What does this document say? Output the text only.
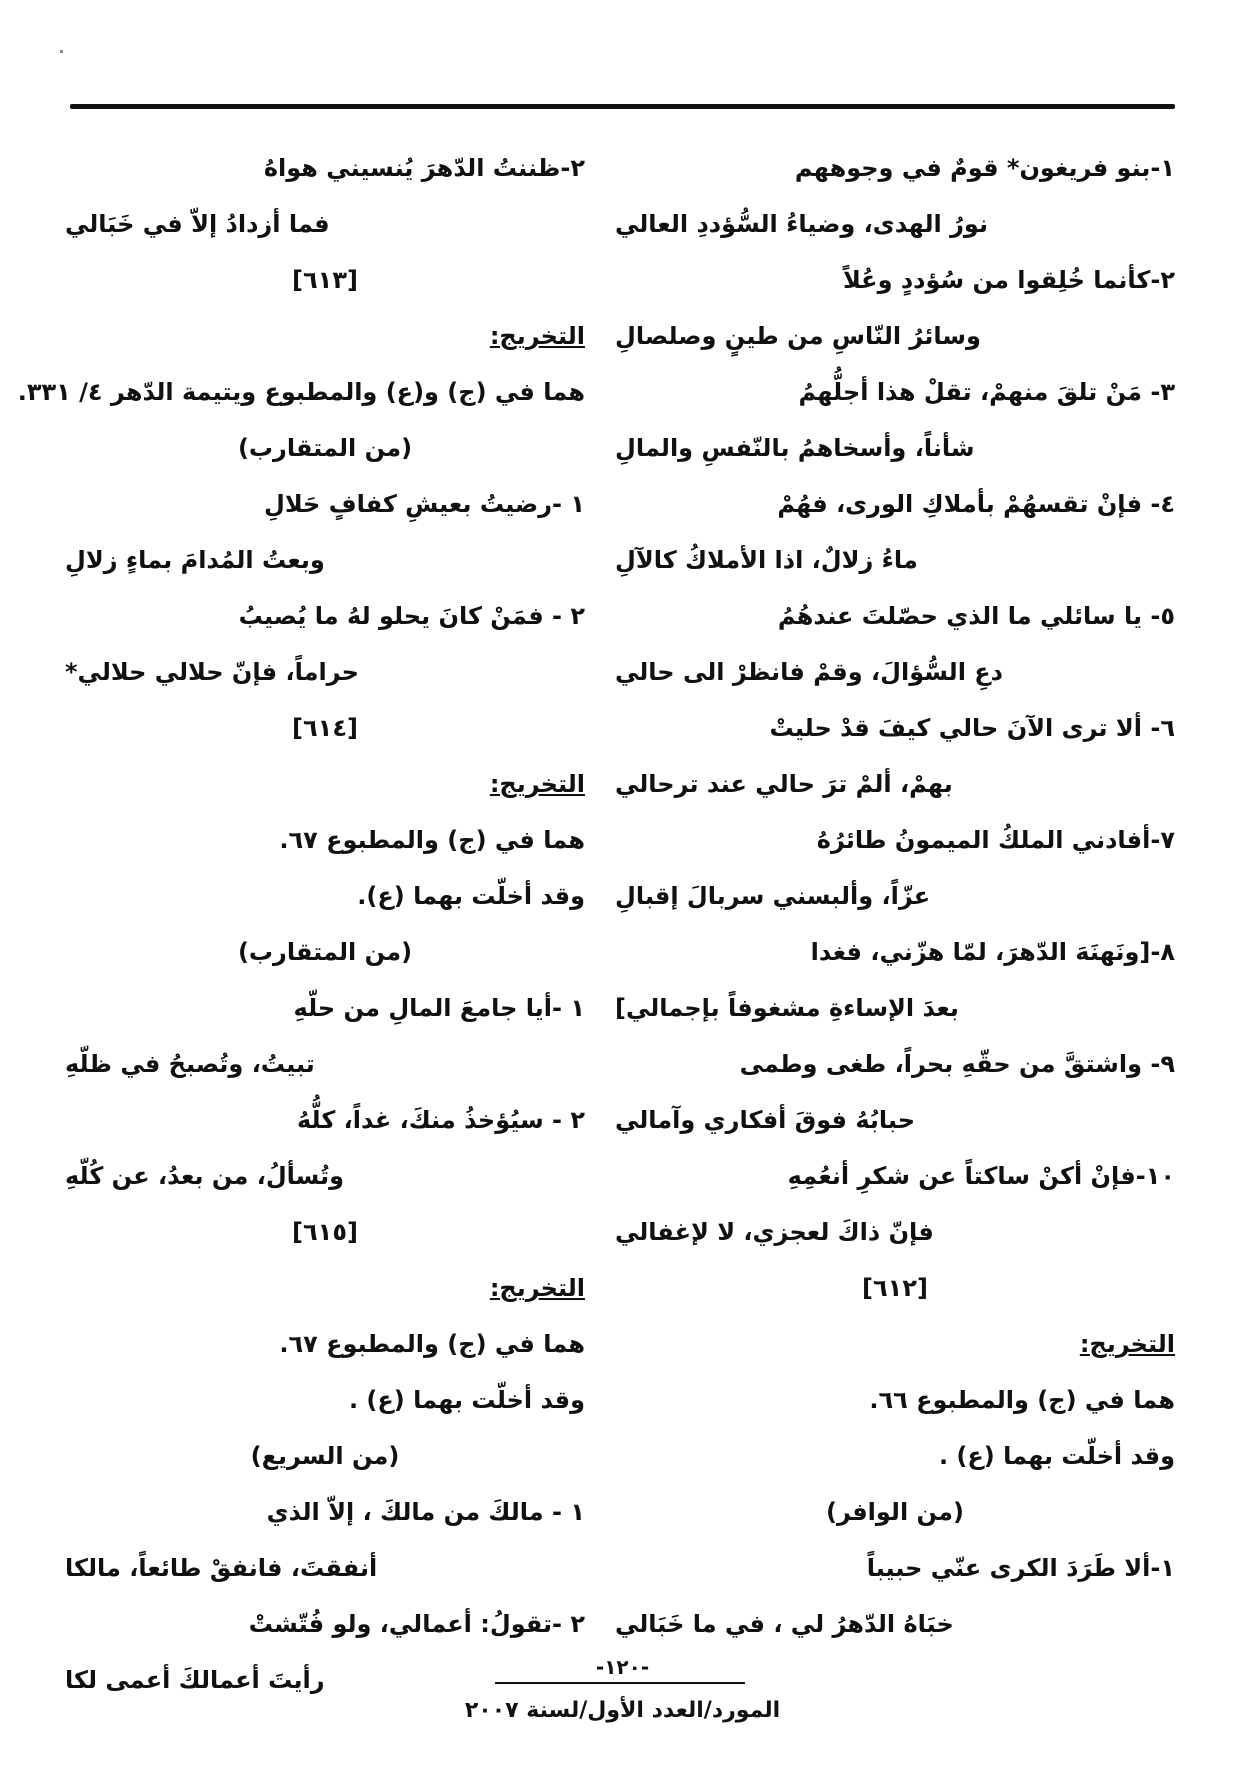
١-بنو فريغون* قومٌ في وجوههم
نورُ الهدى، وضياءُ السُّؤددِ العالي
٢-كأنما خُلِقوا من سُؤددٍ وعُلاً
وسائرُ النّاسِ من طينٍ وصلصالِ
٣- مَنْ تلقَ منهمْ، تقلْ هذا أجلُّهمُ
شأناً، وأسخاهمُ بالنّفسِ والمالِ
٤- فإنْ تقسهُمْ بأملاكِ الورى، فهُمْ
ماءُ زلالٌ، اذا الأملاكُ كالآلِ
٥- يا سائلي ما الذي حصّلتَ عندهُمُ
دعِ السُّؤالَ، وقمْ فانظرْ الى حالي
٦- ألا ترى الآنَ حالي كيفَ قدْ حليتْ
بهمْ، ألمْ ترَ حالي عند ترحالي
٧-أفادني الملكُ الميمونُ طائرُهُ
عزّاً، وألبسني سربالَ إقبالِ
٨-[ونَهنَهَ الدّهرَ، لمّا هزّني، فغدا
بعدَ الإساءةِ مشغوفاً بإجمالي]
٩- واشتقَّ من حقّهِ بحراً، طغى وطمى
حبابُهُ فوقَ أفكاري وآمالي
١٠-فإنْ أكنْ ساكتاً عن شكرِ أنعُمِهِ
فإنّ ذاكَ لعجزي، لا لإغفالي
[٦١٢]
التخريج:
هما في (ج) والمطبوع ٦٦.
وقد أخلّت بهما (ع) .
(من الوافر)
١-ألا طَرَدَ الكرى عنّي حبيباً
خبَاهُ الدّهرُ لي ، في ما خَبَالي
٢-ظننتُ الدّهرَ يُنسيني هواهُ
فما أزدادُ إلاّ في خَبَالي
[٦١٣]
التخريج:
هما في (ج) و(ع) والمطبوع ويتيمة الدّهر ٤/ ٣٣١.
(من المتقارب)
١ -رضيتُ بعيشِ كفافٍ حَلالِ
وبعتُ المُدامَ بماءٍ زلالِ
٢ - فمَنْ كانَ يحلو لهُ ما يُصيبُ
حراماً، فإنّ حلالي حلالي*
[٦١٤]
التخريج:
هما في (ج) والمطبوع ٦٧.
وقد أخلّت بهما (ع).
(من المتقارب)
١ -أيا جامعَ المالِ من حلّهِ
تبيتُ، وتُصبحُ في ظلّهِ
٢ - سيُؤخذُ منكَ، غداً، كلُّهُ
وتُسألُ، من بعدُ، عن كُلّهِ
[٦١٥]
التخريج:
هما في (ج) والمطبوع ٦٧.
وقد أخلّت بهما (ع) .
(من السريع)
١ - مالكَ من مالكَ ، إلاّ الذي
أنفقتَ، فانفقْ طائعاً، مالكا
٢ -تقولُ: أعمالي، ولو فُتّشتْ
رأيتَ أعمالكَ أعمى لكا	-١٢٠-
المورد/العدد الأول/لسنة ٢٠٠٧
